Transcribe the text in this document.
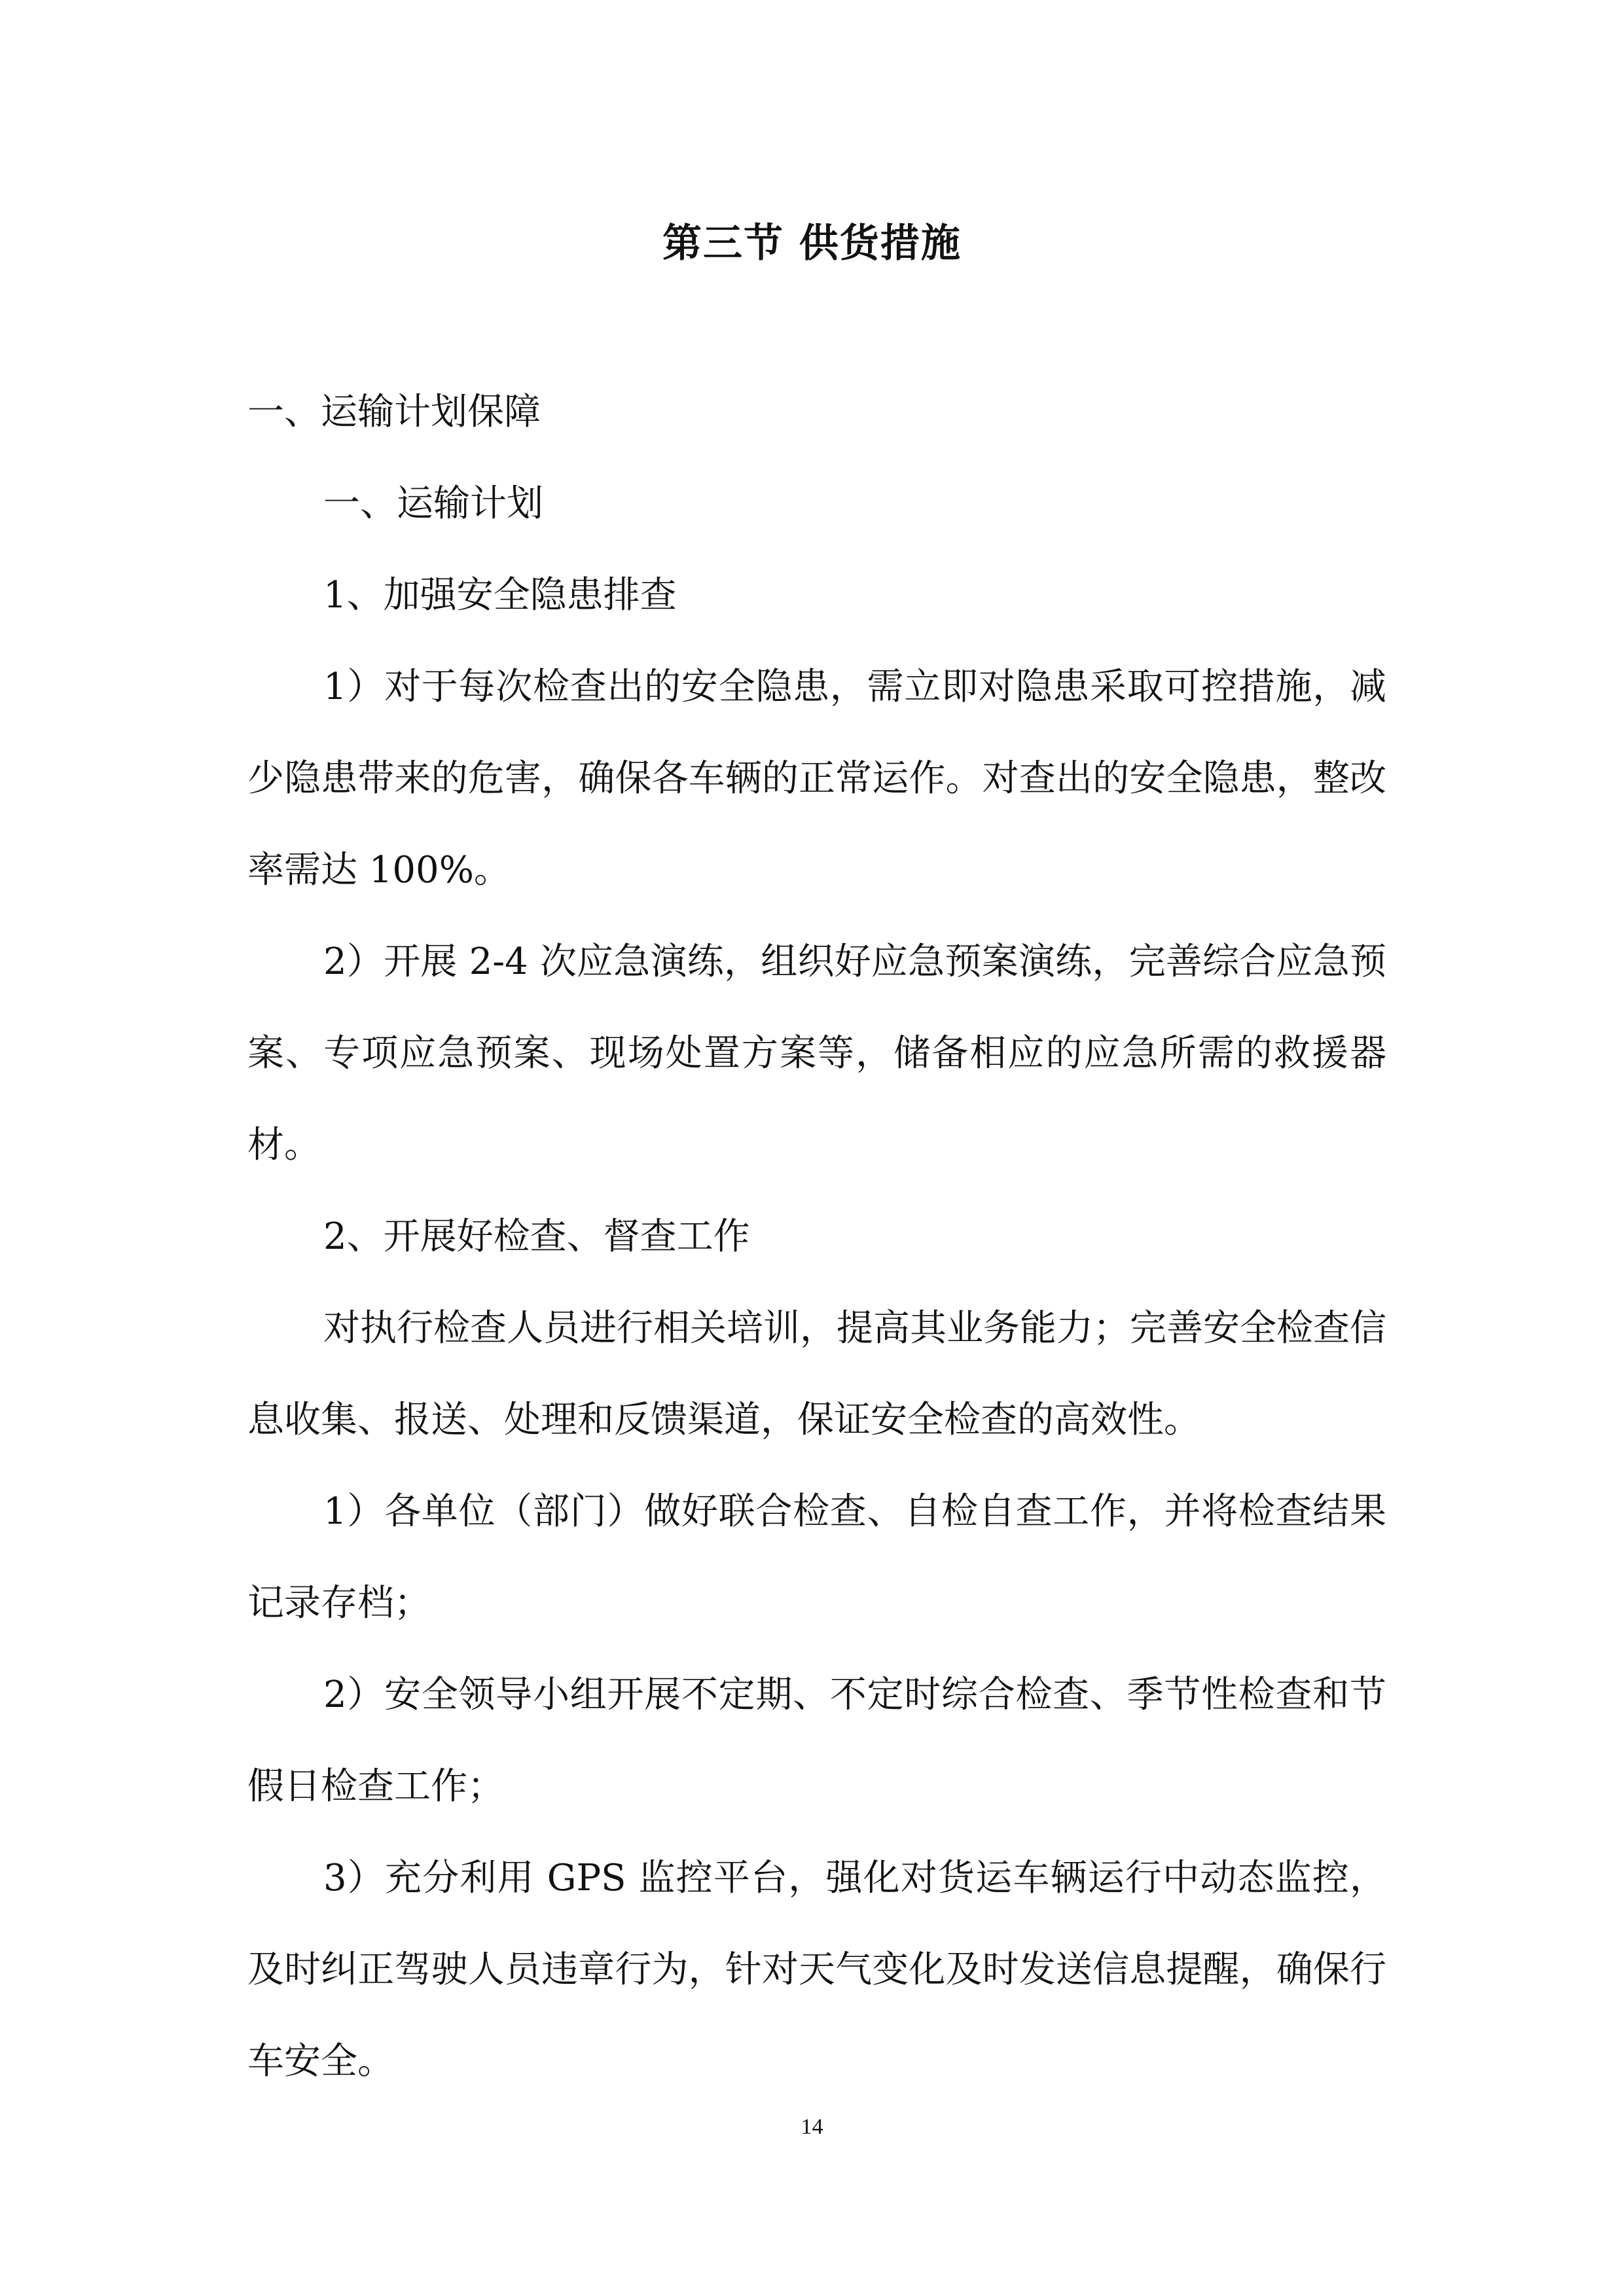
第三节 供货措施

一、运输计划保障

一、运输计划

1、加强安全隐患排查

1）对于每次检查出的安全隐患，需立即对隐患采取可控措施，减少隐患带来的危害，确保各车辆的正常运作。对查出的安全隐患，整改率需达 100%。

2）开展 2-4 次应急演练，组织好应急预案演练，完善综合应急预案、专项应急预案、现场处置方案等，储备相应的应急所需的救援器材。

2、开展好检查、督查工作

对执行检查人员进行相关培训，提高其业务能力；完善安全检查信息收集、报送、处理和反馈渠道，保证安全检查的高效性。

1）各单位（部门）做好联合检查、自检自查工作，并将检查结果记录存档；

2）安全领导小组开展不定期、不定时综合检查、季节性检查和节假日检查工作；

3）充分利用 GPS 监控平台，强化对货运车辆运行中动态监控，及时纠正驾驶人员违章行为，针对天气变化及时发送信息提醒，确保行车安全。

14
